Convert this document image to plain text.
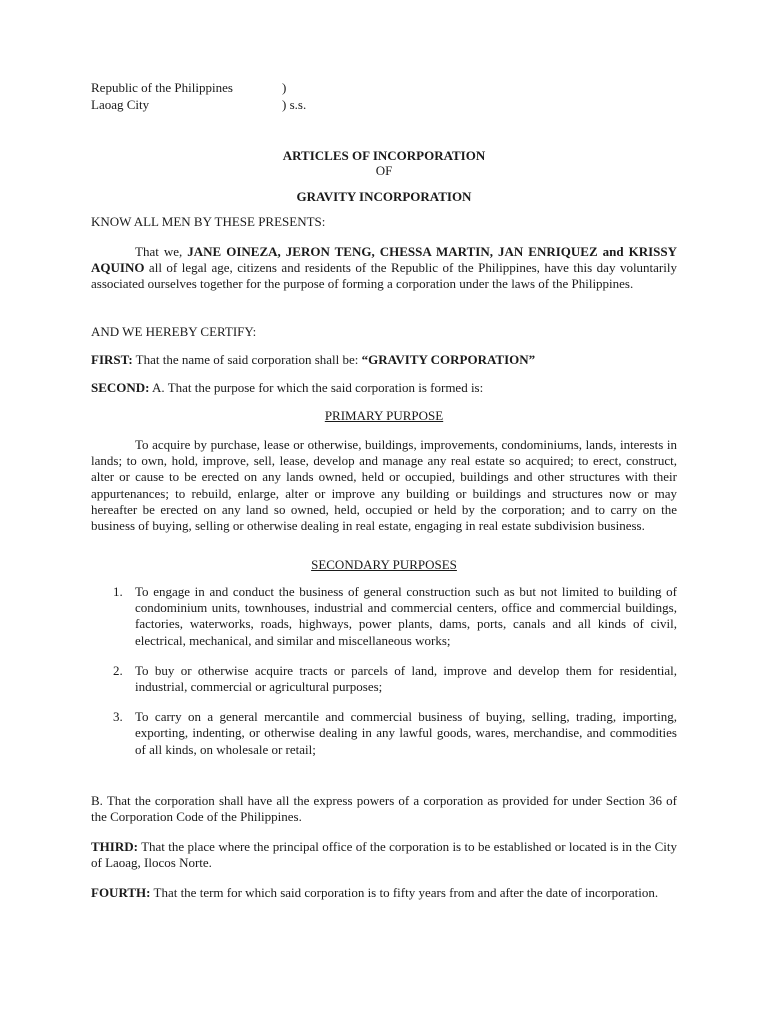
Republic of the Philippines	)
Laoag City	) s.s.
ARTICLES OF INCORPORATION
OF
GRAVITY INCORPORATION

KNOW ALL MEN BY THESE PRESENTS:

That we, JANE OINEZA, JERON TENG, CHESSA MARTIN, JAN ENRIQUEZ and KRISSY AQUINO all of legal age, citizens and residents of the Republic of the Philippines, have this day voluntarily associated ourselves together for the purpose of forming a corporation under the laws of the Philippines.

AND WE HEREBY CERTIFY:

FIRST: That the name of said corporation shall be: “GRAVITY CORPORATION”

SECOND: A. That the purpose for which the said corporation is formed is:

PRIMARY PURPOSE

To acquire by purchase, lease or otherwise, buildings, improvements, condominiums, lands, interests in lands; to own, hold, improve, sell, lease, develop and manage any real estate so acquired; to erect, construct, alter or cause to be erected on any lands owned, held or occupied, buildings and other structures with their appurtenances; to rebuild, enlarge, alter or improve any building or buildings and structures now or may hereafter be erected on any land so owned, held, occupied or held by the corporation; and to carry on the business of buying, selling or otherwise dealing in real estate, engaging in real estate subdivision business.

SECONDARY PURPOSES
1. To engage in and conduct the business of general construction such as but not limited to building of condominium units, townhouses, industrial and commercial centers, office and commercial buildings, factories, waterworks, roads, highways, power plants, dams, ports, canals and all kinds of civil, electrical, mechanical, and similar and miscellaneous works;
2. To buy or otherwise acquire tracts or parcels of land, improve and develop them for residential, industrial, commercial or agricultural purposes;
3. To carry on a general mercantile and commercial business of buying, selling, trading, importing, exporting, indenting, or otherwise dealing in any lawful goods, wares, merchandise, and commodities of all kinds, on wholesale or retail;

B. That the corporation shall have all the express powers of a corporation as provided for under Section 36 of the Corporation Code of the Philippines.

THIRD: That the place where the principal office of the corporation is to be established or located is in the City of Laoag, Ilocos Norte.

FOURTH: That the term for which said corporation is to fifty years from and after the date of incorporation.
